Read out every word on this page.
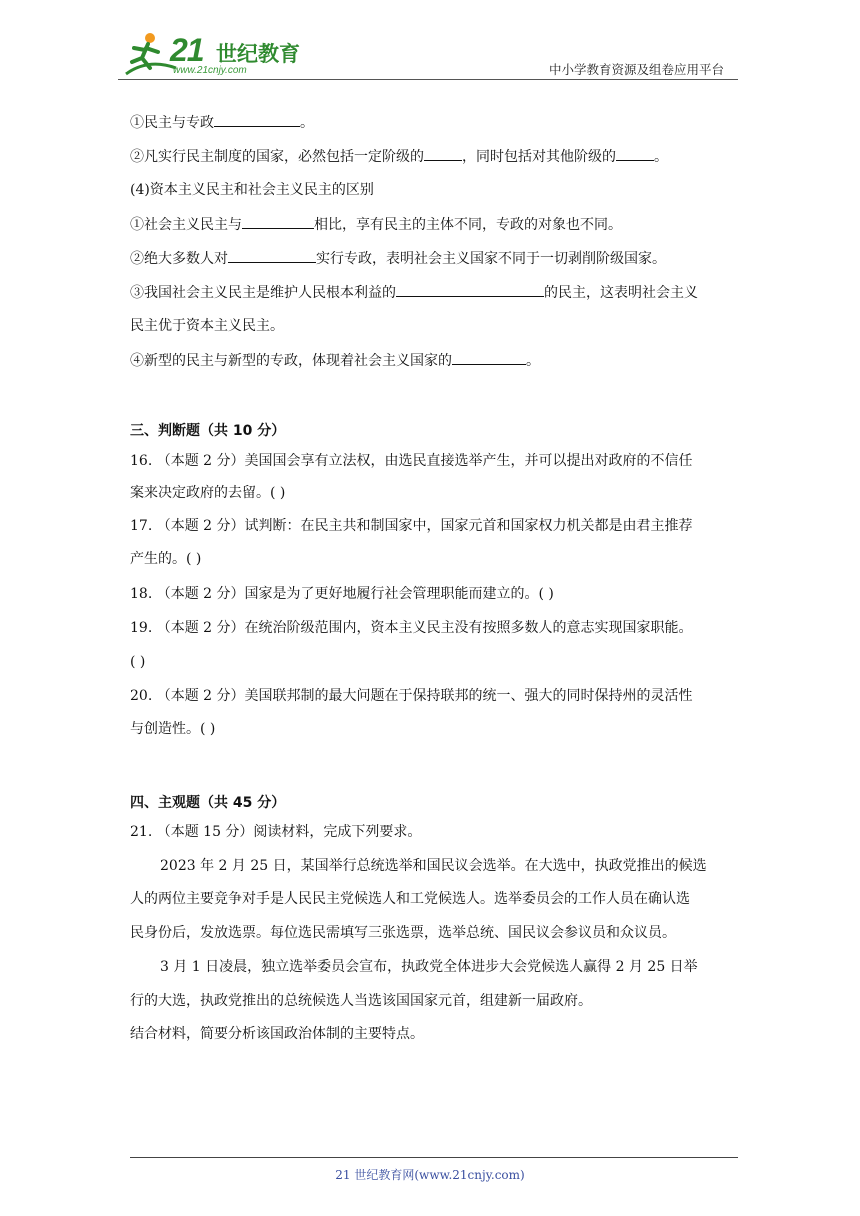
21 世纪教育
www.21cnjy.com	中小学教育资源及组卷应用平台
①民主与专政	。
②凡实行民主制度的国家，必然包括一定阶级的	，同时包括对其他阶级的	。
(4)资本主义民主和社会主义民主的区别
①社会主义民主与	相比，享有民主的主体不同，专政的对象也不同。
②绝大多数人对	实行专政，表明社会主义国家不同于一切剥削阶级国家。
③我国社会主义民主是维护人民根本利益的	的民主，这表明社会主义
民主优于资本主义民主。
④新型的民主与新型的专政，体现着社会主义国家的	。
三、判断题（共 10 分）
16. （本题 2 分）美国国会享有立法权，由选民直接选举产生，并可以提出对政府的不信任
案来决定政府的去留。( )
17. （本题 2 分）试判断：在民主共和制国家中，国家元首和国家权力机关都是由君主推荐
产生的。( )
18. （本题 2 分）国家是为了更好地履行社会管理职能而建立的。( )
19. （本题 2 分）在统治阶级范围内，资本主义民主没有按照多数人的意志实现国家职能。
( )
20. （本题 2 分）美国联邦制的最大问题在于保持联邦的统一、强大的同时保持州的灵活性
与创造性。( )
四、主观题（共 45 分）
21. （本题 15 分）阅读材料，完成下列要求。
2023 年 2 月 25 日，某国举行总统选举和国民议会选举。在大选中，执政党推出的候选
人的两位主要竞争对手是人民民主党候选人和工党候选人。选举委员会的工作人员在确认选
民身份后，发放选票。每位选民需填写三张选票，选举总统、国民议会参议员和众议员。
3 月 1 日凌晨，独立选举委员会宣布，执政党全体进步大会党候选人赢得 2 月 25 日举
行的大选，执政党推出的总统候选人当选该国国家元首，组建新一届政府。
结合材料，简要分析该国政治体制的主要特点。
21 世纪教育网(www.21cnjy.com)
